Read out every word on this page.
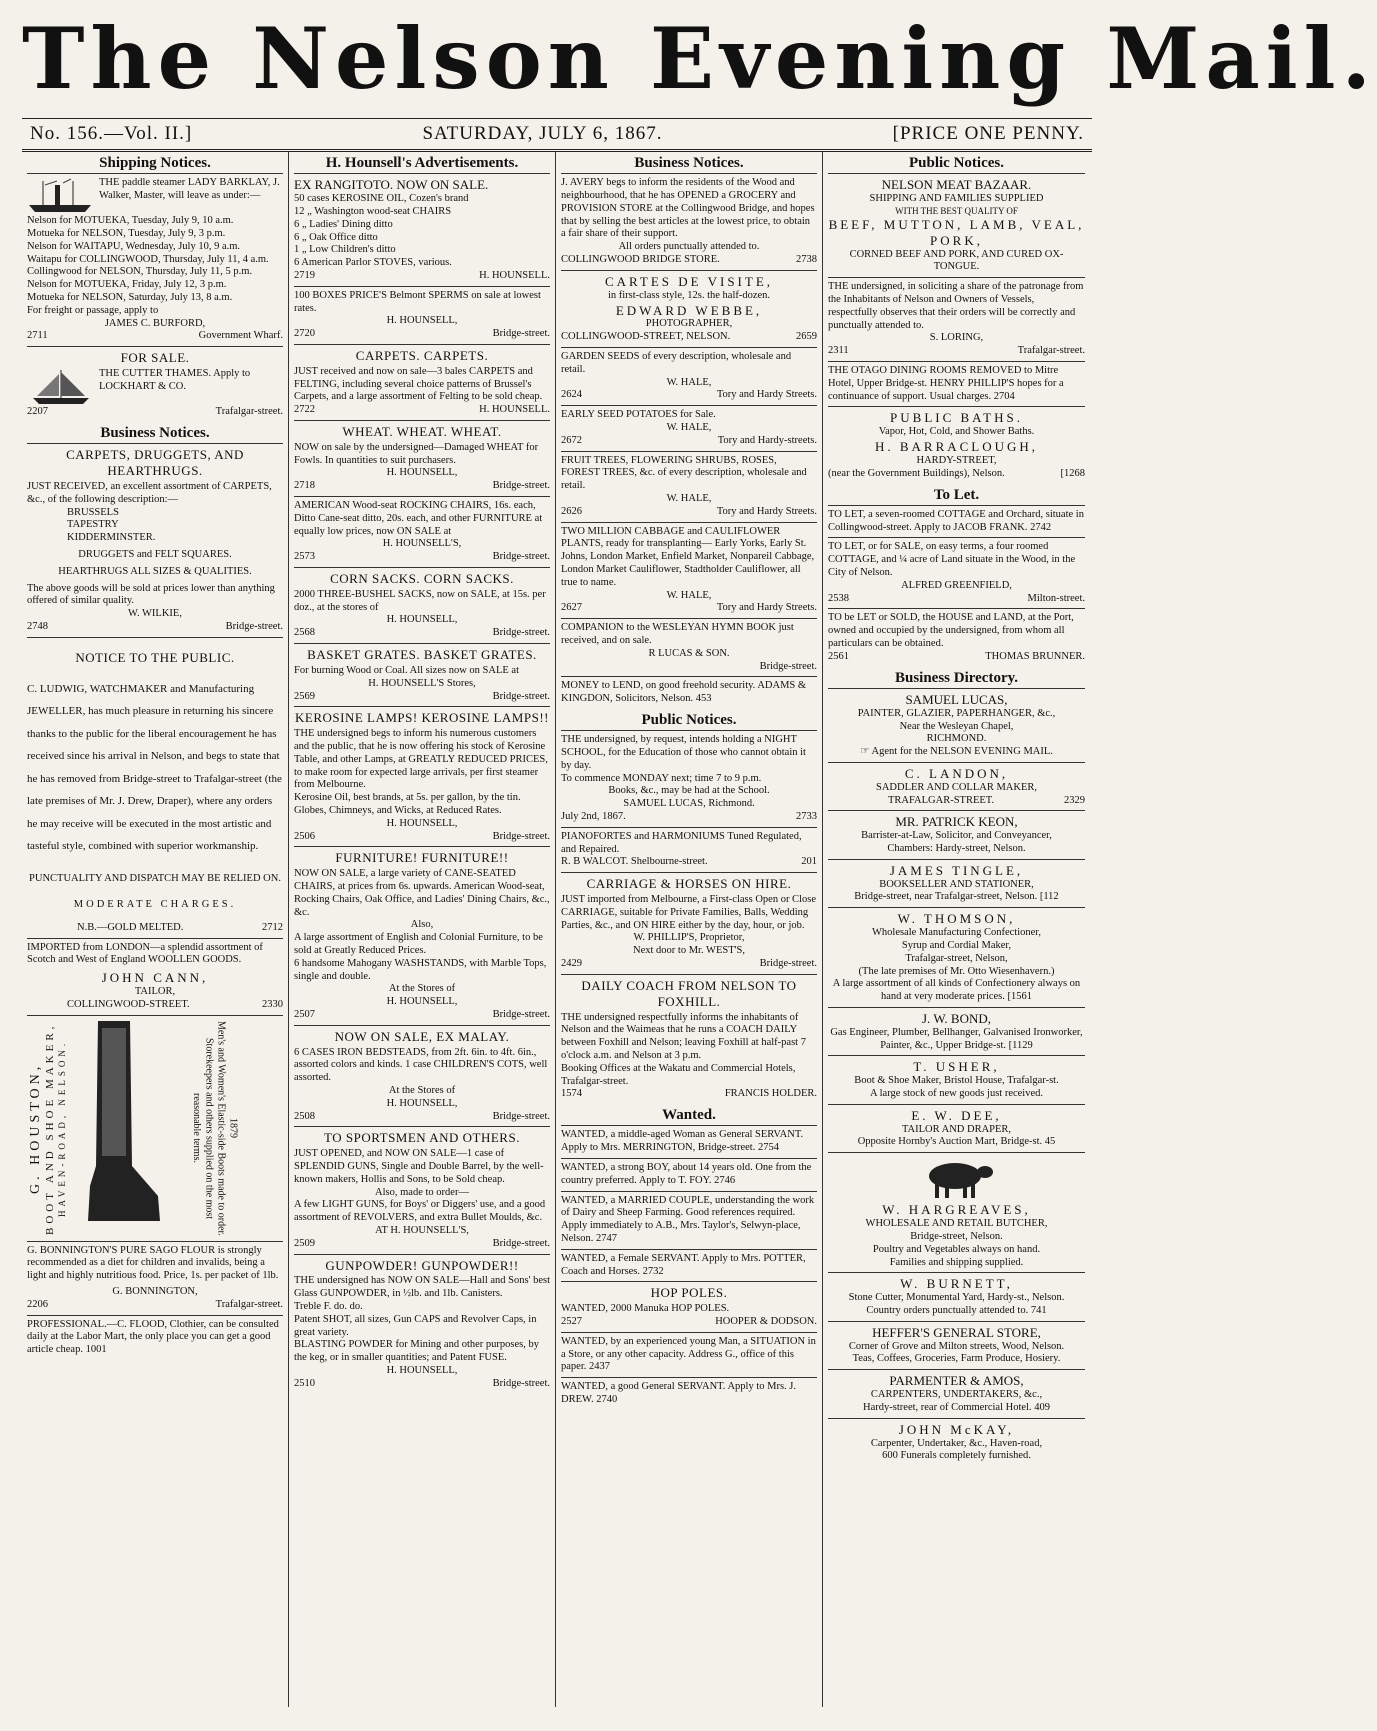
The Nelson Evening Mail.
No. 156.—Vol. II.]	SATURDAY, JULY 6, 1867.	[PRICE ONE PENNY.
Shipping Notices.
THE paddle steamer LADY BARKLAY, J. Walker, Master, will leave as under:—
Nelson for MOTUEKA, Tuesday, July 9, 10 a.m.
Motueka for NELSON, Tuesday, July 9, 3 p.m.
Nelson for WAITAPU, Wednesday, July 10, 9 a.m.
Waitapu for COLLINGWOOD, Thursday, July 11, 4 a.m.
Collingwood for NELSON, Thursday, July 11, 5 p.m.
Nelson for MOTUEKA, Friday, July 12, 3 p.m.
Motueka for NELSON, Saturday, July 13, 8 a.m.
For freight or passage, apply to
JAMES C. BURFORD,
2711	Government Wharf.
FOR SALE.
THE CUTTER THAMES. Apply to LOCKHART & CO.
2207	Trafalgar-street.
Business Notices.
CARPETS, DRUGGETS, AND HEARTHRUGS.
JUST RECEIVED, an excellent assortment of CARPETS, &c., of the following description:—
BRUSSELS
TAPESTRY
KIDDERMINSTER.
DRUGGETS and FELT SQUARES.
HEARTHRUGS ALL SIZES & QUALITIES.
The above goods will be sold at prices lower than anything offered of similar quality.
W. WILKIE,
2748	Bridge-street.
NOTICE TO THE PUBLIC.
C. LUDWIG, WATCHMAKER and Manufacturing JEWELLER, has much pleasure in returning his sincere thanks to the public for the liberal encouragement he has received since his arrival in Nelson, and begs to state that he has removed from Bridge-street to Trafalgar-street (the late premises of Mr. J. Drew, Draper), where any orders he may receive will be executed in the most artistic and tasteful style, combined with superior workmanship.
PUNCTUALITY AND DISPATCH MAY BE RELIED ON.
MODERATE CHARGES.
N.B.—GOLD MELTED.	2712
IMPORTED from LONDON—a splendid assortment of Scotch and West of England WOOLLEN GOODS.
JOHN CANN,
TAILOR,
COLLINGWOOD-STREET.	2330
G. HOUSTON, BOOT AND SHOE MAKER, HAVEN-ROAD, NELSON.	Men's and Women's Elastic-side Boots made to order. Storekeepers and others supplied on the most reasonable terms.	1879
G. BONNINGTON'S PURE SAGO FLOUR is strongly recommended as a diet for children and invalids, being a light and highly nutritious food. Price, 1s. per packet of 1lb.
G. BONNINGTON,
2206	Trafalgar-street.
PROFESSIONAL.—C. FLOOD, Clothier, can be consulted daily at the Labor Mart, the only place you can get a good article cheap. 1001
H. Hounsell's Advertisements.
EX RANGITOTO. NOW ON SALE.
50 cases KEROSINE OIL, Cozen's brand
12 „ Washington wood-seat CHAIRS
6 „ Ladies' Dining ditto
6 „ Oak Office ditto
1 „ Low Children's ditto
6 American Parlor STOVES, various.
2719	H. HOUNSELL.
100 BOXES PRICE'S Belmont SPERMS on sale at lowest rates.
H. HOUNSELL,
2720	Bridge-street.
CARPETS. CARPETS.
JUST received and now on sale—3 bales CARPETS and FELTING, including several choice patterns of Brussel's Carpets, and a large assortment of Felting to be sold cheap.
2722	H. HOUNSELL.
WHEAT. WHEAT. WHEAT.
NOW on sale by the undersigned—Damaged WHEAT for Fowls. In quantities to suit purchasers.
H. HOUNSELL,
2718	Bridge-street.
AMERICAN Wood-seat ROCKING CHAIRS, 16s. each, Ditto Cane-seat ditto, 20s. each, and other FURNITURE at equally low prices, now ON SALE at
H. HOUNSELL'S,
2573	Bridge-street.
CORN SACKS. CORN SACKS.
2000 THREE-BUSHEL SACKS, now on SALE, at 15s. per doz., at the stores of
H. HOUNSELL,
2568	Bridge-street.
BASKET GRATES. BASKET GRATES.
For burning Wood or Coal. All sizes now on SALE at
H. HOUNSELL'S Stores,
2569	Bridge-street.
KEROSINE LAMPS! KEROSINE LAMPS!!
THE undersigned begs to inform his numerous customers and the public, that he is now offering his stock of Kerosine Table, and other Lamps, at GREATLY REDUCED PRICES, to make room for expected large arrivals, per first steamer from Melbourne.
Kerosine Oil, best brands, at 5s. per gallon, by the tin.
Globes, Chimneys, and Wicks, at Reduced Rates.
H. HOUNSELL,
2506	Bridge-street.
FURNITURE! FURNITURE!!
NOW ON SALE, a large variety of CANE-SEATED CHAIRS, at prices from 6s. upwards. American Wood-seat, Rocking Chairs, Oak Office, and Ladies' Dining Chairs, &c., &c.
Also,
A large assortment of English and Colonial Furniture, to be sold at Greatly Reduced Prices.
6 handsome Mahogany WASHSTANDS, with Marble Tops, single and double.
At the Stores of
H. HOUNSELL,
2507	Bridge-street.
NOW ON SALE, EX MALAY.
6 CASES IRON BEDSTEADS, from 2ft. 6in. to 4ft. 6in., assorted colors and kinds. 1 case CHILDREN'S COTS, well assorted.
At the Stores of
H. HOUNSELL,
2508	Bridge-street.
TO SPORTSMEN AND OTHERS.
JUST OPENED, and NOW ON SALE—1 case of SPLENDID GUNS, Single and Double Barrel, by the well-known makers, Hollis and Sons, to be Sold cheap.
Also, made to order—
A few LIGHT GUNS, for Boys' or Diggers' use, and a good assortment of REVOLVERS, and extra Bullet Moulds, &c.
AT H. HOUNSELL'S,
2509	Bridge-street.
GUNPOWDER! GUNPOWDER!!
THE undersigned has NOW ON SALE—Hall and Sons' best Glass GUNPOWDER, in ½lb. and 1lb. Canisters.
Treble F. do. do.
Patent SHOT, all sizes, Gun CAPS and Revolver Caps, in great variety.
BLASTING POWDER for Mining and other purposes, by the keg, or in smaller quantities; and Patent FUSE.
H. HOUNSELL,
2510	Bridge-street.
Business Notices.
J. AVERY begs to inform the residents of the Wood and neighbourhood, that he has OPENED a GROCERY and PROVISION STORE at the Collingwood Bridge, and hopes that by selling the best articles at the lowest price, to obtain a fair share of their support.
All orders punctually attended to.
COLLINGWOOD BRIDGE STORE.	2738
CARTES DE VISITE,
in first-class style, 12s. the half-dozen.
EDWARD WEBBE,
PHOTOGRAPHER,
COLLINGWOOD-STREET, NELSON.	2659
GARDEN SEEDS of every description, wholesale and retail.
W. HALE,
2624	Tory and Hardy Streets.
EARLY SEED POTATOES for Sale.
W. HALE,
2672	Tory and Hardy-streets.
FRUIT TREES, FLOWERING SHRUBS, ROSES, FOREST TREES, &c. of every description, wholesale and retail.
W. HALE,
2626	Tory and Hardy Streets.
TWO MILLION CABBAGE and CAULIFLOWER PLANTS, ready for transplanting— Early Yorks, Early St. Johns, London Market, Enfield Market, Nonpareil Cabbage, London Market Cauliflower, Stadtholder Cauliflower, all true to name.
W. HALE,
2627	Tory and Hardy Streets.
COMPANION to the WESLEYAN HYMN BOOK just received, and on sale.
R LUCAS & SON.
Bridge-street.
MONEY to LEND, on good freehold security. ADAMS & KINGDON, Solicitors, Nelson. 453
Public Notices.
THE undersigned, by request, intends holding a NIGHT SCHOOL, for the Education of those who cannot obtain it by day.
To commence MONDAY next; time 7 to 9 p.m.
Books, &c., may be had at the School.
SAMUEL LUCAS, Richmond.
July 2nd, 1867.	2733
PIANOFORTES and HARMONIUMS Tuned Regulated, and Repaired.
R. B WALCOT. Shelbourne-street.	201
CARRIAGE & HORSES ON HIRE.
JUST imported from Melbourne, a First-class Open or Close CARRIAGE, suitable for Private Families, Balls, Wedding Parties, &c., and ON HIRE either by the day, hour, or job.
W. PHILLIP'S, Proprietor,
Next door to Mr. WEST'S,
2429	Bridge-street.
DAILY COACH FROM NELSON TO FOXHILL.
THE undersigned respectfully informs the inhabitants of Nelson and the Waimeas that he runs a COACH DAILY between Foxhill and Nelson; leaving Foxhill at half-past 7 o'clock a.m. and Nelson at 3 p.m.
Booking Offices at the Wakatu and Commercial Hotels, Trafalgar-street.
1574	FRANCIS HOLDER.
Wanted.
WANTED, a middle-aged Woman as General SERVANT. Apply to Mrs. MERRINGTON, Bridge-street. 2754
WANTED, a strong BOY, about 14 years old. One from the country preferred. Apply to T. FOY. 2746
WANTED, a MARRIED COUPLE, understanding the work of Dairy and Sheep Farming. Good references required. Apply immediately to A.B., Mrs. Taylor's, Selwyn-place, Nelson. 2747
WANTED, a Female SERVANT. Apply to Mrs. POTTER, Coach and Horses. 2732
HOP POLES.
WANTED, 2000 Manuka HOP POLES.
2527	HOOPER & DODSON.
WANTED, by an experienced young Man, a SITUATION in a Store, or any other capacity. Address G., office of this paper. 2437
WANTED, a good General SERVANT. Apply to Mrs. J. DREW. 2740
Public Notices.
NELSON MEAT BAZAAR.
SHIPPING AND FAMILIES SUPPLIED
WITH THE BEST QUALITY OF
BEEF, MUTTON, LAMB, VEAL, PORK,
CORNED BEEF AND PORK, AND CURED OX-TONGUE.
THE undersigned, in soliciting a share of the patronage from the Inhabitants of Nelson and Owners of Vessels, respectfully observes that their orders will be correctly and punctually attended to.
S. LORING,
2311	Trafalgar-street.
THE OTAGO DINING ROOMS REMOVED to Mitre Hotel, Upper Bridge-st. HENRY PHILLIP'S hopes for a continuance of support. Usual charges. 2704
PUBLIC BATHS.
Vapor, Hot, Cold, and Shower Baths.
H. BARRACLOUGH,
HARDY-STREET,
(near the Government Buildings), Nelson.	[1268
To Let.
TO LET, a seven-roomed COTTAGE and Orchard, situate in Collingwood-street. Apply to JACOB FRANK. 2742
TO LET, or for SALE, on easy terms, a four roomed COTTAGE, and ¼ acre of Land situate in the Wood, in the City of Nelson.
ALFRED GREENFIELD,
2538	Milton-street.
TO be LET or SOLD, the HOUSE and LAND, at the Port, owned and occupied by the undersigned, from whom all particulars can be obtained.
2561	THOMAS BRUNNER.
Business Directory.
SAMUEL LUCAS,
PAINTER, GLAZIER, PAPERHANGER, &c.,
Near the Wesleyan Chapel,
RICHMOND.
☞ Agent for the NELSON EVENING MAIL.
C. LANDON,
SADDLER AND COLLAR MAKER,
TRAFALGAR-STREET.	2329
MR. PATRICK KEON,
Barrister-at-Law, Solicitor, and Conveyancer,
Chambers: Hardy-street, Nelson.
JAMES TINGLE,
BOOKSELLER AND STATIONER,
Bridge-street, near Trafalgar-street, Nelson. [112
W. THOMSON,
Wholesale Manufacturing Confectioner,
Syrup and Cordial Maker,
Trafalgar-street, Nelson,
(The late premises of Mr. Otto Wiesenhavern.)
A large assortment of all kinds of Confectionery always on hand at very moderate prices. [1561
J. W. BOND,
Gas Engineer, Plumber, Bellhanger, Galvanised Ironworker, Painter, &c., Upper Bridge-st. [1129
T. USHER,
Boot & Shoe Maker, Bristol House, Trafalgar-st.
A large stock of new goods just received.
E. W. DEE,
TAILOR AND DRAPER,
Opposite Hornby's Auction Mart, Bridge-st. 45
W. HARGREAVES,
WHOLESALE AND RETAIL BUTCHER,
Bridge-street, Nelson.
Poultry and Vegetables always on hand.
Families and shipping supplied.
W. BURNETT,
Stone Cutter, Monumental Yard, Hardy-st., Nelson.
Country orders punctually attended to. 741
HEFFER'S GENERAL STORE,
Corner of Grove and Milton streets, Wood, Nelson.
Teas, Coffees, Groceries, Farm Produce, Hosiery.
PARMENTER & AMOS,
CARPENTERS, UNDERTAKERS, &c.,
Hardy-street, rear of Commercial Hotel. 409
JOHN McKAY,
Carpenter, Undertaker, &c., Haven-road,
600 Funerals completely furnished.
